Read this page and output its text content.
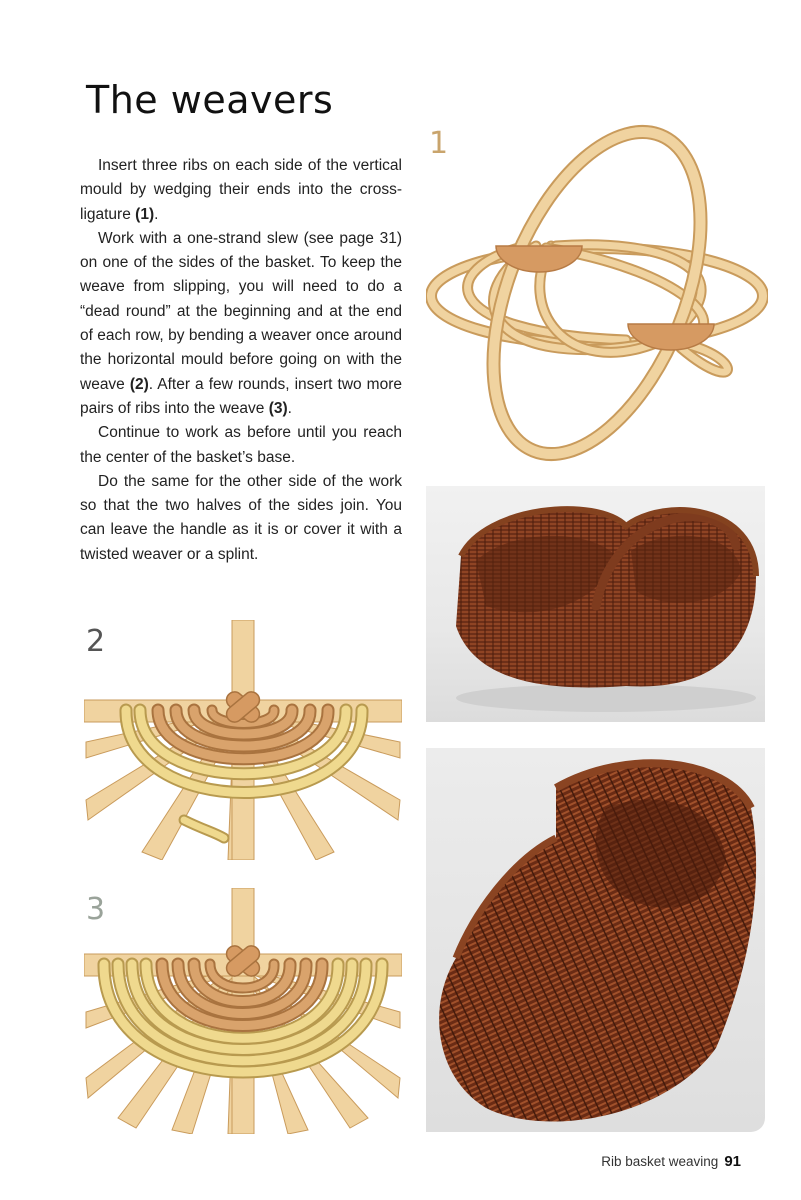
The weavers

Insert three ribs on each side of the vertical mould by wedging their ends into the cross-ligature (1).

Work with a one-strand slew (see page 31) on one of the sides of the basket. To keep the weave from slipping, you will need to do a “dead round” at the beginning and at the end of each row, by bending a weaver once around the horizontal mould before going on with the weave (2). After a few rounds, insert two more pairs of ribs into the weave (3).

Continue to work as before until you reach the center of the basket’s base.

Do the same for the other side of the work so that the two halves of the sides join. You can leave the handle as it is or cover it with a twisted weaver or a splint.

1
2
3
Rib basket weaving 91
